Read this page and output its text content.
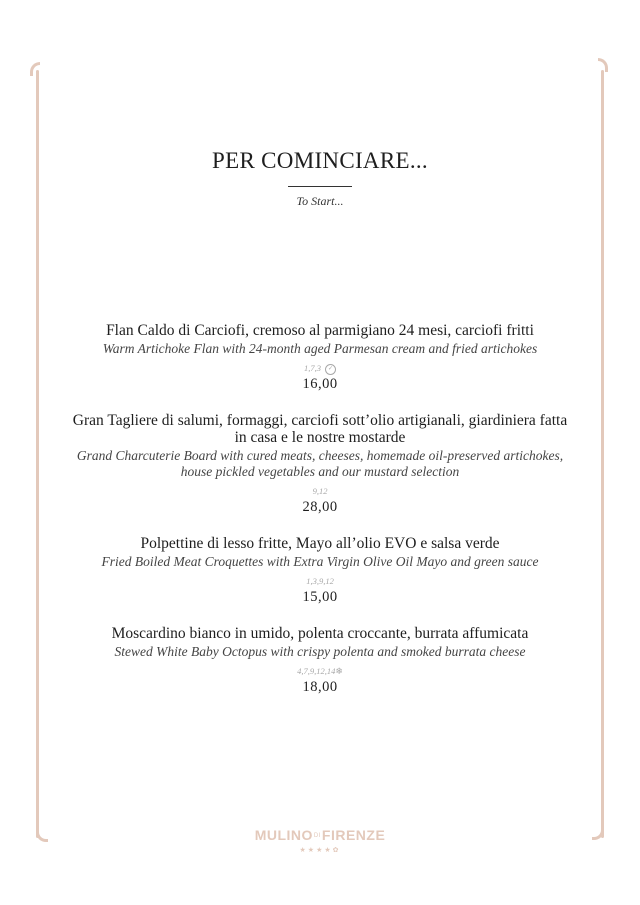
PER COMINCIARE...
To Start...
Flan Caldo di Carciofi, cremoso al parmigiano 24 mesi, carciofi fritti
Warm Artichoke Flan with 24-month aged Parmesan cream and fried artichokes
1,7,3 ✓
16,00
Gran Tagliere di salumi, formaggi, carciofi sott’olio artigianali, giardiniera fatta in casa e le nostre mostarde
Grand Charcuterie Board with cured meats, cheeses, homemade oil-preserved artichokes, house pickled vegetables and our mustard selection
9,12
28,00
Polpettine di lesso fritte, Mayo all’olio EVO e salsa verde
Fried Boiled Meat Croquettes with Extra Virgin Olive Oil Mayo and green sauce
1,3,9,12
15,00
Moscardino bianco in umido, polenta croccante, burrata affumicata
Stewed White Baby Octopus with crispy polenta and smoked burrata cheese
4,7,9,12,14❄
18,00
MULINODIFIRENZE
★★★★✿
